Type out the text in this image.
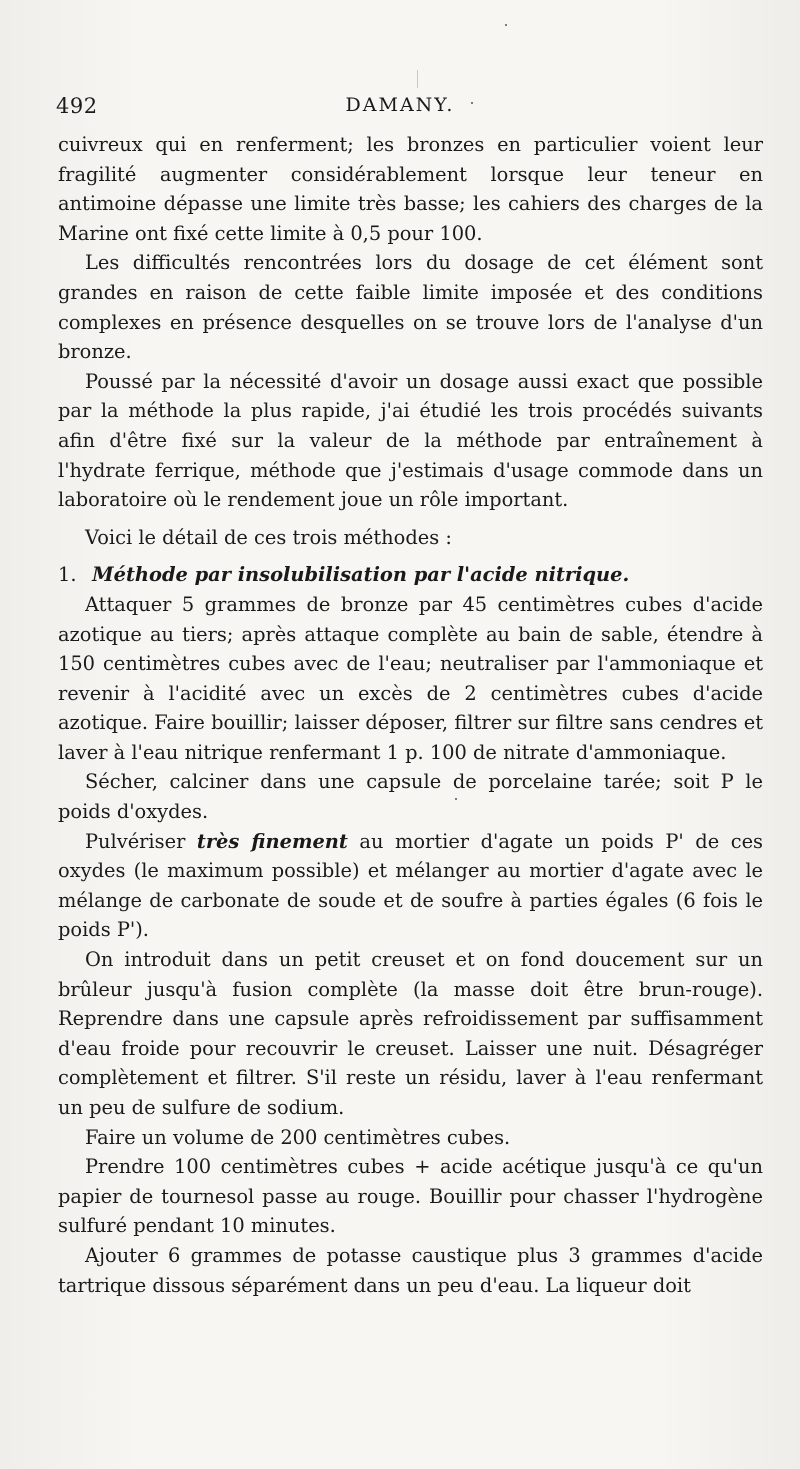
492	DAMANY.

cuivreux qui en renferment; les bronzes en particulier voient leur fragilité augmenter considérablement lorsque leur teneur en antimoine dépasse une limite très basse; les cahiers des charges de la Marine ont fixé cette limite à 0,5 pour 100.

Les difficultés rencontrées lors du dosage de cet élément sont grandes en raison de cette faible limite imposée et des conditions complexes en présence desquelles on se trouve lors de l'analyse d'un bronze.

Poussé par la nécessité d'avoir un dosage aussi exact que possible par la méthode la plus rapide, j'ai étudié les trois procédés suivants afin d'être fixé sur la valeur de la méthode par entraînement à l'hydrate ferrique, méthode que j'estimais d'usage commode dans un laboratoire où le rendement joue un rôle important.

Voici le détail de ces trois méthodes :

1. Méthode par insolubilisation par l'acide nitrique.

Attaquer 5 grammes de bronze par 45 centimètres cubes d'acide azotique au tiers; après attaque complète au bain de sable, étendre à 150 centimètres cubes avec de l'eau; neutraliser par l'ammoniaque et revenir à l'acidité avec un excès de 2 centimètres cubes d'acide azotique. Faire bouillir; laisser déposer, filtrer sur filtre sans cendres et laver à l'eau nitrique renfermant 1 p. 100 de nitrate d'ammoniaque.

Sécher, calciner dans une capsule de porcelaine tarée; soit P le poids d'oxydes.

Pulvériser très finement au mortier d'agate un poids P' de ces oxydes (le maximum possible) et mélanger au mortier d'agate avec le mélange de carbonate de soude et de soufre à parties égales (6 fois le poids P').

On introduit dans un petit creuset et on fond doucement sur un brûleur jusqu'à fusion complète (la masse doit être brun-rouge). Reprendre dans une capsule après refroidissement par suffisamment d'eau froide pour recouvrir le creuset. Laisser une nuit. Désagréger complètement et filtrer. S'il reste un résidu, laver à l'eau renfermant un peu de sulfure de sodium.

Faire un volume de 200 centimètres cubes.

Prendre 100 centimètres cubes + acide acétique jusqu'à ce qu'un papier de tournesol passe au rouge. Bouillir pour chasser l'hydrogène sulfuré pendant 10 minutes.

Ajouter 6 grammes de potasse caustique plus 3 grammes d'acide tartrique dissous séparément dans un peu d'eau. La liqueur doit
